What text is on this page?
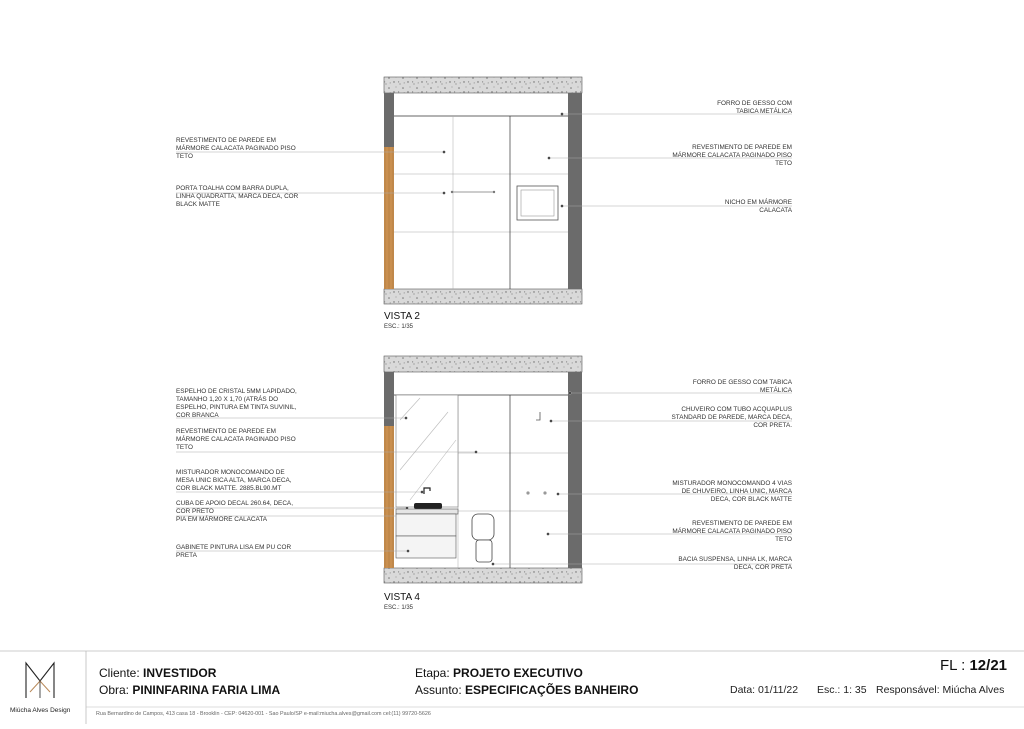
REVESTIMENTO DE PAREDE EM
MÁRMORE CALACATA PAGINADO PISO
TETO
PORTA TOALHA COM BARRA DUPLA,
LINHA QUADRATTA, MARCA DECA, COR
BLACK MATTE
FORRO DE GESSO COM
TABICA METÁLICA
REVESTIMENTO DE PAREDE EM
MÁRMORE CALACATA PAGINADO PISO
TETO
NICHO EM MÁRMORE
CALACATA
VISTA 2
ESC.: 1/35
ESPELHO DE CRISTAL 5MM LAPIDADO,
TAMANHO 1,20 X 1,70 (ATRÁS DO
ESPELHO, PINTURA EM TINTA SUVINIL,
COR BRANCA
REVESTIMENTO DE PAREDE EM
MÁRMORE CALACATA PAGINADO PISO
TETO
MISTURADOR MONOCOMANDO DE
MESA UNIC BICA ALTA, MARCA DECA,
COR BLACK MATTE. 2885.BL90.MT
CUBA DE APOIO DECAL 260.64, DECA,
COR PRETO
PIA EM MÁRMORE CALACATA
GABINETE PINTURA LISA EM PU COR
PRETA
FORRO DE GESSO COM TABICA
METÁLICA
CHUVEIRO COM TUBO ACQUAPLUS
STANDARD DE PAREDE, MARCA DECA,
COR PRETA.
MISTURADOR MONOCOMANDO 4 VIAS
DE CHUVEIRO, LINHA UNIC, MARCA
DECA, COR BLACK MATTE
REVESTIMENTO DE PAREDE EM
MÁRMORE CALACATA PAGINADO PISO
TETO
BACIA SUSPENSA, LINHA LK, MARCA
DECA, COR PRETA
VISTA 4
ESC.: 1/35
Miúcha Alves Design
Cliente: INVESTIDOR
Obra: PININFARINA FARIA LIMA
Etapa: PROJETO EXECUTIVO
Assunto: ESPECIFICAÇÕES BANHEIRO
FL : 12/21
Data: 01/11/22 Esc.: 1: 35 Responsável: Miúcha Alves
Rua Bernardino de Campos, 413 casa 18 - Brooklin - CEP: 04620-001 - Sao Paulo/SP e-mail:miucha.alves@gmail.com cel:(11) 99720-5626
